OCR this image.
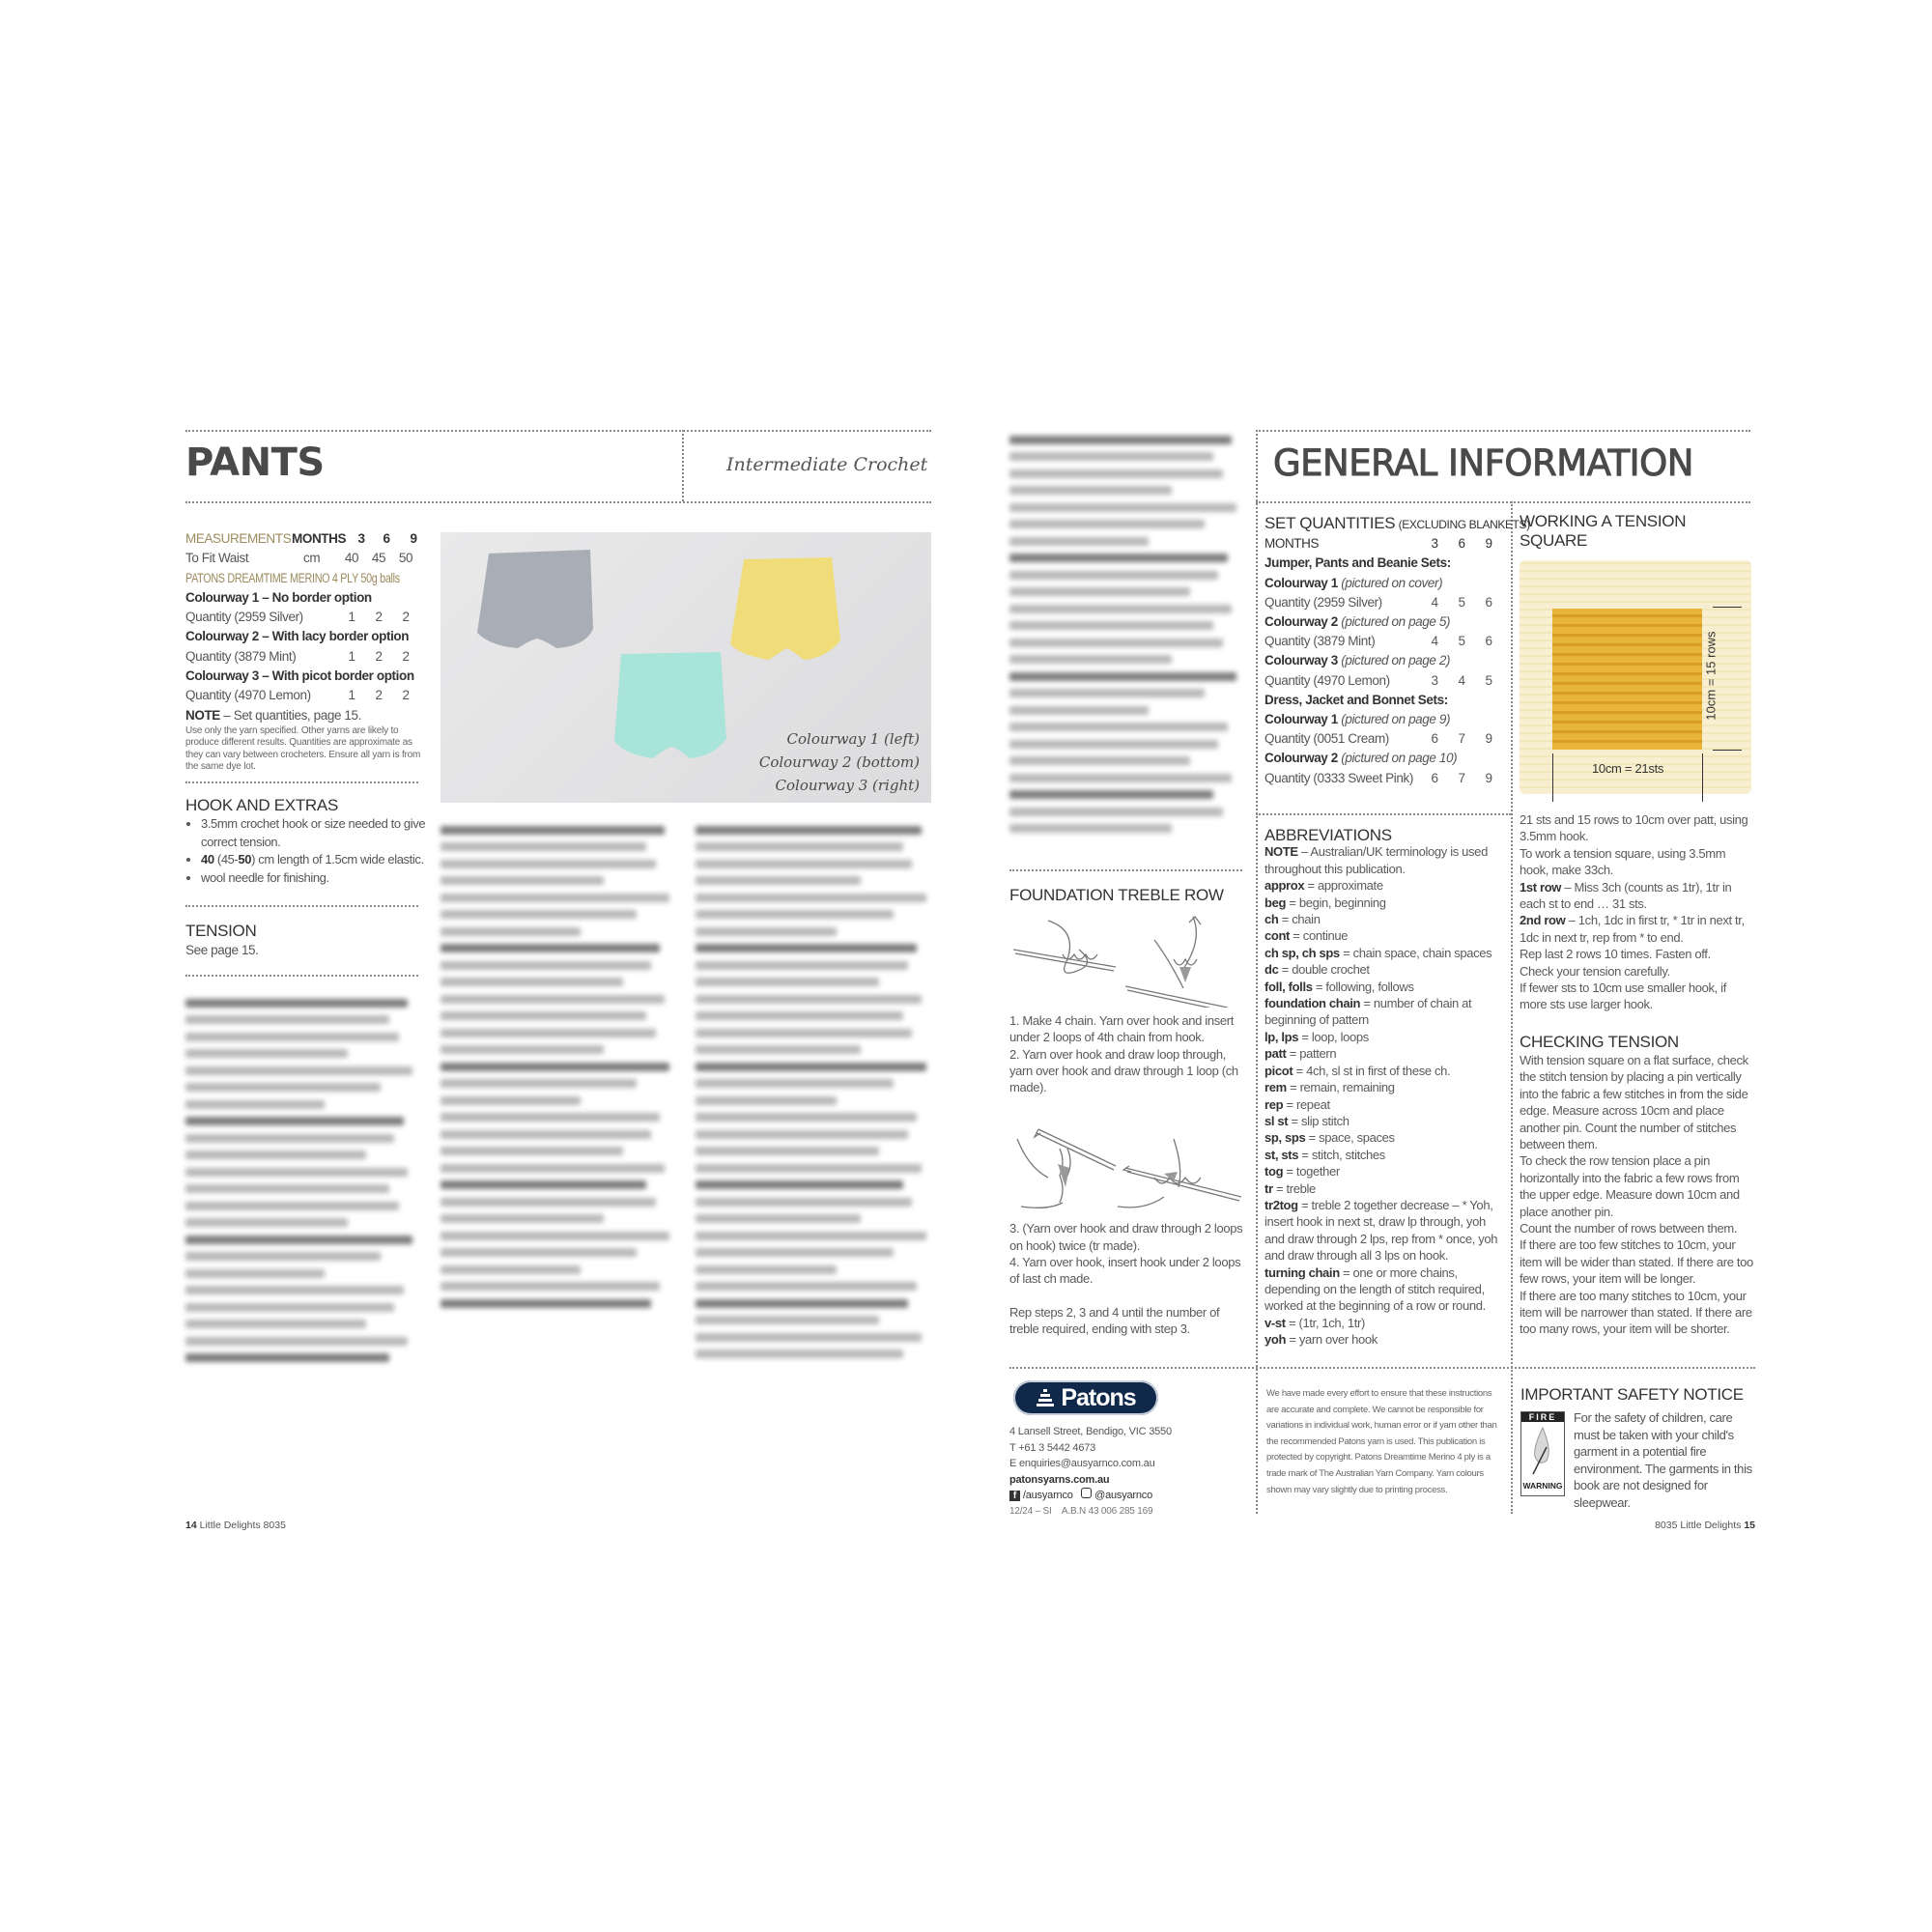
PANTS	Intermediate Crochet
MEASUREMENTS MONTHS 3	6	9
To Fit Waist	cm	40	45	50
PATONS DREAMTIME MERINO 4 PLY 50g balls
Colourway 1 – No border option
Quantity (2959 Silver)	1	2	2
Colourway 2 – With lacy border option
Quantity (3879 Mint)	1	2	2
Colourway 3 – With picot border option
Quantity (4970 Lemon)	1	2	2
NOTE – Set quantities, page 15.
Use only the yarn specified. Other yarns are likely to produce different results. Quantities are approximate as they can vary between crocheters. Ensure all yarn is from the same dye lot.
HOOK AND EXTRAS
• 3.5mm crochet hook or size needed to give correct tension.
• 40 (45-50) cm length of 1.5cm wide elastic.
• wool needle for finishing.
TENSION
See page 15.
Colourway 1 (left)
Colourway 2 (bottom)
Colourway 3 (right)
14 Little Delights 8035
GENERAL INFORMATION
SET QUANTITIES (EXCLUDING BLANKETS)
MONTHS	3	6	9
Jumper, Pants and Beanie Sets:
Colourway 1 (pictured on cover)
Quantity (2959 Silver)	4	5	6
Colourway 2 (pictured on page 5)
Quantity (3879 Mint)	4	5	6
Colourway 3 (pictured on page 2)
Quantity (4970 Lemon)	3	4	5
Dress, Jacket and Bonnet Sets:
Colourway 1 (pictured on page 9)
Quantity (0051 Cream)	6	7	9
Colourway 2 (pictured on page 10)
Quantity (0333 Sweet Pink)	6	7	9
ABBREVIATIONS
NOTE – Australian/UK terminology is used throughout this publication.
approx = approximate
beg = begin, beginning
ch = chain
cont = continue
ch sp, ch sps = chain space, chain spaces
dc = double crochet
foll, folls = following, follows
foundation chain = number of chain at beginning of pattern
lp, lps = loop, loops
patt = pattern
picot = 4ch, sl st in first of these ch.
rem = remain, remaining
rep = repeat
sl st = slip stitch
sp, sps = space, spaces
st, sts = stitch, stitches
tog = together
tr = treble
tr2tog = treble 2 together decrease – * Yoh, insert hook in next st, draw lp through, yoh and draw through 2 lps, rep from * once, yoh and draw through all 3 lps on hook.
turning chain = one or more chains, depending on the length of stitch required, worked at the beginning of a row or round.
v-st = (1tr, 1ch, 1tr)
yoh = yarn over hook
FOUNDATION TREBLE ROW
1. Make 4 chain. Yarn over hook and insert under 2 loops of 4th chain from hook.
2. Yarn over hook and draw loop through, yarn over hook and draw through 1 loop (ch made).
3. (Yarn over hook and draw through 2 loops on hook) twice (tr made).
4. Yarn over hook, insert hook under 2 loops of last ch made.
Rep steps 2, 3 and 4 until the number of treble required, ending with step 3.
WORKING A TENSION SQUARE
10cm = 21sts
10cm = 15 rows
21 sts and 15 rows to 10cm over patt, using 3.5mm hook.
To work a tension square, using 3.5mm hook, make 33ch.
1st row – Miss 3ch (counts as 1tr), 1tr in each st to end … 31 sts.
2nd row – 1ch, 1dc in first tr, * 1tr in next tr, 1dc in next tr, rep from * to end.
Rep last 2 rows 10 times. Fasten off.
Check your tension carefully.
If fewer sts to 10cm use smaller hook, if more sts use larger hook.
CHECKING TENSION
With tension square on a flat surface, check the stitch tension by placing a pin vertically into the fabric a few stitches in from the side edge. Measure across 10cm and place another pin. Count the number of stitches between them.
To check the row tension place a pin horizontally into the fabric a few rows from the upper edge. Measure down 10cm and place another pin.
Count the number of rows between them.
If there are too few stitches to 10cm, your item will be wider than stated. If there are too few rows, your item will be longer.
If there are too many stitches to 10cm, your item will be narrower than stated. If there are too many rows, your item will be shorter.
Patons
4 Lansell Street, Bendigo, VIC 3550
T +61 3 5442 4673
E enquiries@ausyarnco.com.au
patonsyarns.com.au
f /ausyarnco @ausyarnco
12/24 – SI A.B.N 43 006 285 169
We have made every effort to ensure that these instructions are accurate and complete. We cannot be responsible for variations in individual work, human error or if yarn other than the recommended Patons yarn is used. This publication is protected by copyright. Patons Dreamtime Merino 4 ply is a trade mark of The Australian Yarn Company. Yarn colours shown may vary slightly due to printing process.
IMPORTANT SAFETY NOTICE
FIRE
WARNING
For the safety of children, care must be taken with your child's garment in a potential fire environment. The garments in this book are not designed for sleepwear.
8035 Little Delights 15
